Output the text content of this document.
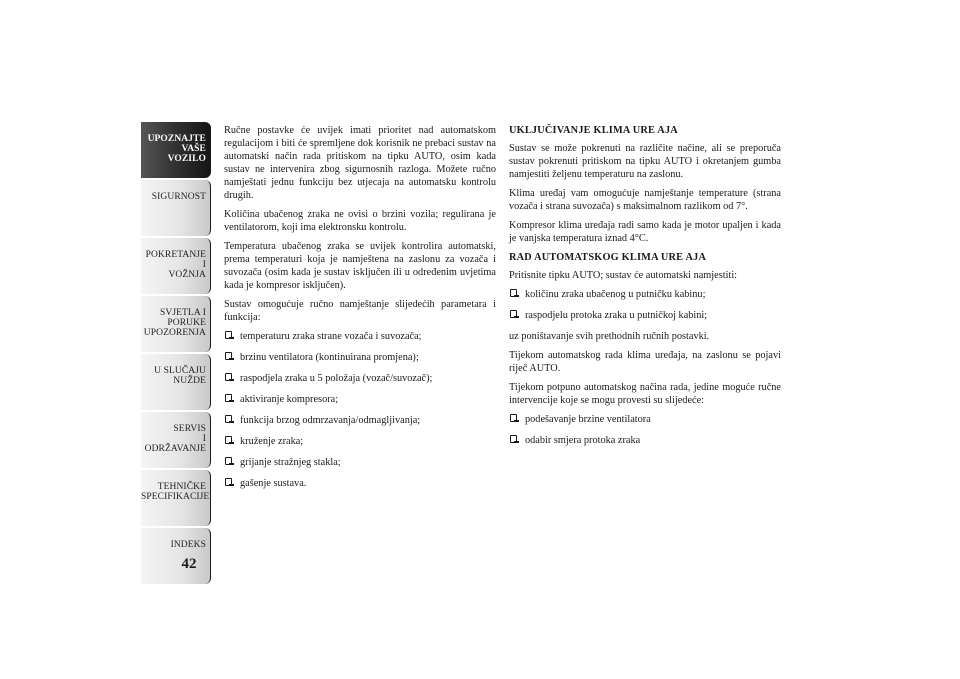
UPOZNAJTE
VAŠE
VOZILO
SIGURNOST
POKRETANJE
I
VOŽNJA
SVJETLA I
PORUKE
UPOZORENJA
U SLUČAJU
NUŽDE
SERVIS
I
ODRŽAVANJE
TEHNIČKE
SPECIFIKACIJE
INDEKS
42

Ručne postavke će uvijek imati prioritet nad automatskom regulacijom i biti će spremljene dok korisnik ne prebaci sustav na automatski način rada pritiskom na tipku AUTO, osim kada sustav ne intervenira zbog sigurnosnih razloga. Možete ručno namještati jednu funkciju bez utjecaja na automatsku kontrolu drugih.

Količina ubačenog zraka ne ovisi o brzini vozila; regulirana je ventilatorom, koji ima elektronsku kontrolu.

Temperatura ubačenog zraka se uvijek kontrolira automatski, prema temperaturi koja je namještena na zaslonu za vozača i suvozača (osim kada je sustav isključen ili u određenim uvjetima kada je kompresor isključen).

Sustav omogućuje ručno namještanje slijedećih parametara i funkcija:

temperaturu zraka strane vozača i suvozača;
brzinu ventilatora (kontinuirana promjena);
raspodjela zraka u 5 položaja (vozač/suvozač);
aktiviranje kompresora;
funkcija brzog odmrzavanja/odmagljivanja;
kruženje zraka;
grijanje stražnjeg stakla;
gašenje sustava.
UKLJUČIVANJE KLIMA URE AJA

Sustav se može pokrenuti na različite načine, ali se preporuča sustav pokrenuti pritiskom na tipku AUTO i okretanjem gumba namjestiti željenu temperaturu na zaslonu.

Klima uređaj vam omogućuje namještanje temperature (strana vozača i strana suvozača) s maksimalnom razlikom od 7°.

Kompresor klima uređaja radi samo kada je motor upaljen i kada je vanjska temperatura iznad 4°C.

RAD AUTOMATSKOG KLIMA URE AJA

Pritisnite tipku AUTO; sustav će automatski namjestiti:

količinu zraka ubačenog u putničku kabinu;
raspodjelu protoka zraka u putničkoj kabini;

uz poništavanje svih prethodnih ručnih postavki.

Tijekom automatskog rada klima uređaja, na zaslonu se pojavi riječ AUTO.

Tijekom potpuno automatskog načina rada, jedine moguće ručne intervencije koje se mogu provesti su slijedeće:

podešavanje brzine ventilatora
odabir smjera protoka zraka
